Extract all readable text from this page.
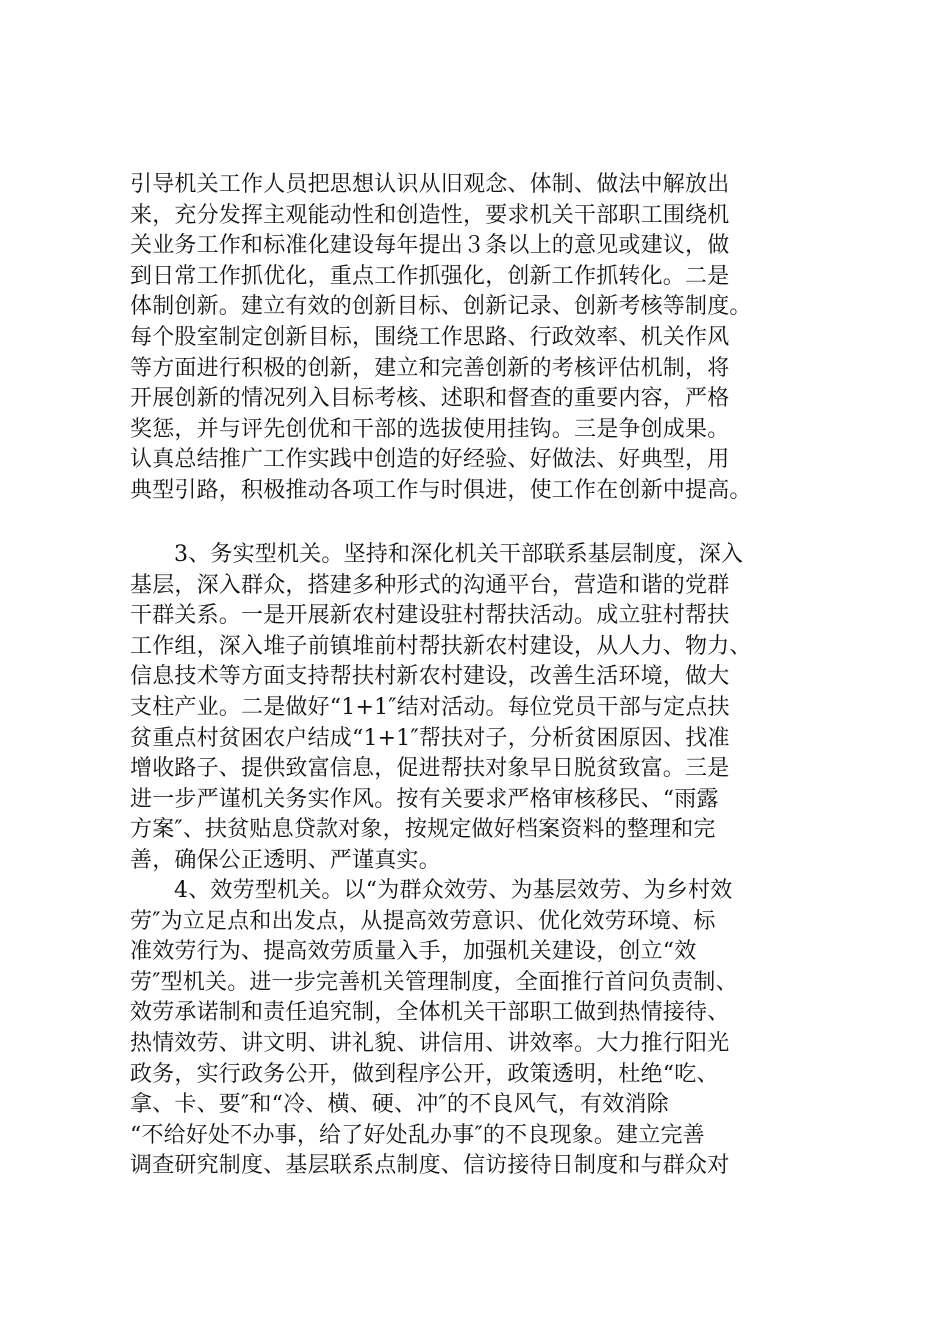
引导机关工作人员把思想认识从旧观念、体制、做法中解放出
来，充分发挥主观能动性和创造性，要求机关干部职工围绕机
关业务工作和标准化建设每年提出３条以上的意见或建议，做
到日常工作抓优化，重点工作抓强化，创新工作抓转化。二是
体制创新。建立有效的创新目标、创新记录、创新考核等制度。
每个股室制定创新目标，围绕工作思路、行政效率、机关作风
等方面进行积极的创新，建立和完善创新的考核评估机制，将
开展创新的情况列入目标考核、述职和督查的重要内容，严格
奖惩，并与评先创优和干部的选拔使用挂钩。三是争创成果。
认真总结推广工作实践中创造的好经验、好做法、好典型，用
典型引路，积极推动各项工作与时俱进，使工作在创新中提高。
3、务实型机关。坚持和深化机关干部联系基层制度，深入
基层，深入群众，搭建多种形式的沟通平台，营造和谐的党群
干群关系。一是开展新农村建设驻村帮扶活动。成立驻村帮扶
工作组，深入堆子前镇堆前村帮扶新农村建设，从人力、物力、
信息技术等方面支持帮扶村新农村建设，改善生活环境，做大
支柱产业。二是做好“1+1″结对活动。每位党员干部与定点扶
贫重点村贫困农户结成“1+1″帮扶对子，分析贫困原因、找准
增收路子、提供致富信息，促进帮扶对象早日脱贫致富。三是
进一步严谨机关务实作风。按有关要求严格审核移民、“雨露
方案″、扶贫贴息贷款对象，按规定做好档案资料的整理和完
善，确保公正透明、严谨真实。
4、效劳型机关。以“为群众效劳、为基层效劳、为乡村效
劳″为立足点和出发点，从提高效劳意识、优化效劳环境、标
准效劳行为、提高效劳质量入手，加强机关建设，创立“效
劳″型机关。进一步完善机关管理制度，全面推行首问负责制、
效劳承诺制和责任追究制，全体机关干部职工做到热情接待、
热情效劳、讲文明、讲礼貌、讲信用、讲效率。大力推行阳光
政务，实行政务公开，做到程序公开，政策透明，杜绝“吃、
拿、卡、要″和“冷、横、硬、冲″的不良风气，有效消除
“不给好处不办事，给了好处乱办事″的不良现象。建立完善
调查研究制度、基层联系点制度、信访接待日制度和与群众对
